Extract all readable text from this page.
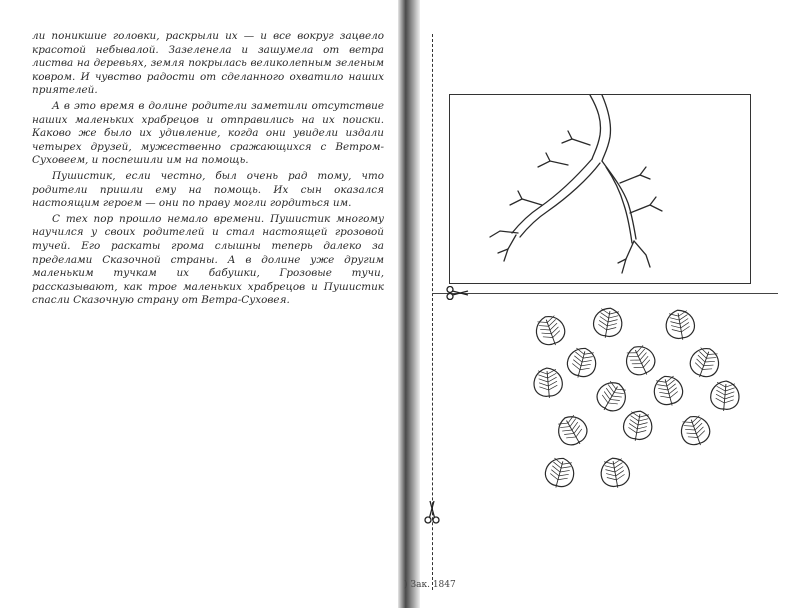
ли поникшие головки, раскрыли их — и все вокруг зацвело красотой небывалой. Зазеленела и зашумела от ветра листва на деревьях, земля покрылась великолепным зеленым ковром. И чувство радости от сделанного охватило наших приятелей.

А в это время в долине родители заметили отсутствие наших маленьких храбрецов и отправились на их поиски. Каково же было их удивление, когда они увидели издали четырех друзей, мужественно сражающихся с Ветром-Суховеем, и поспешили им на помощь.

Пушистик, если честно, был очень рад тому, что родители пришли ему на помощь. Их сын оказался настоящим героем — они по праву могли гордиться им.

С тех пор прошло немало времени. Пушистик многому научился у своих родителей и стал настоящей грозовой тучей. Его раскаты грома слышны теперь далеко за пределами Сказочной страны. А в долине уже другим маленьким тучкам их бабушки, Грозовые тучи, рассказывают, как трое маленьких храбрецов и Пушистик спасли Сказочную страну от Ветра-Суховея.

) Зак. 1847
